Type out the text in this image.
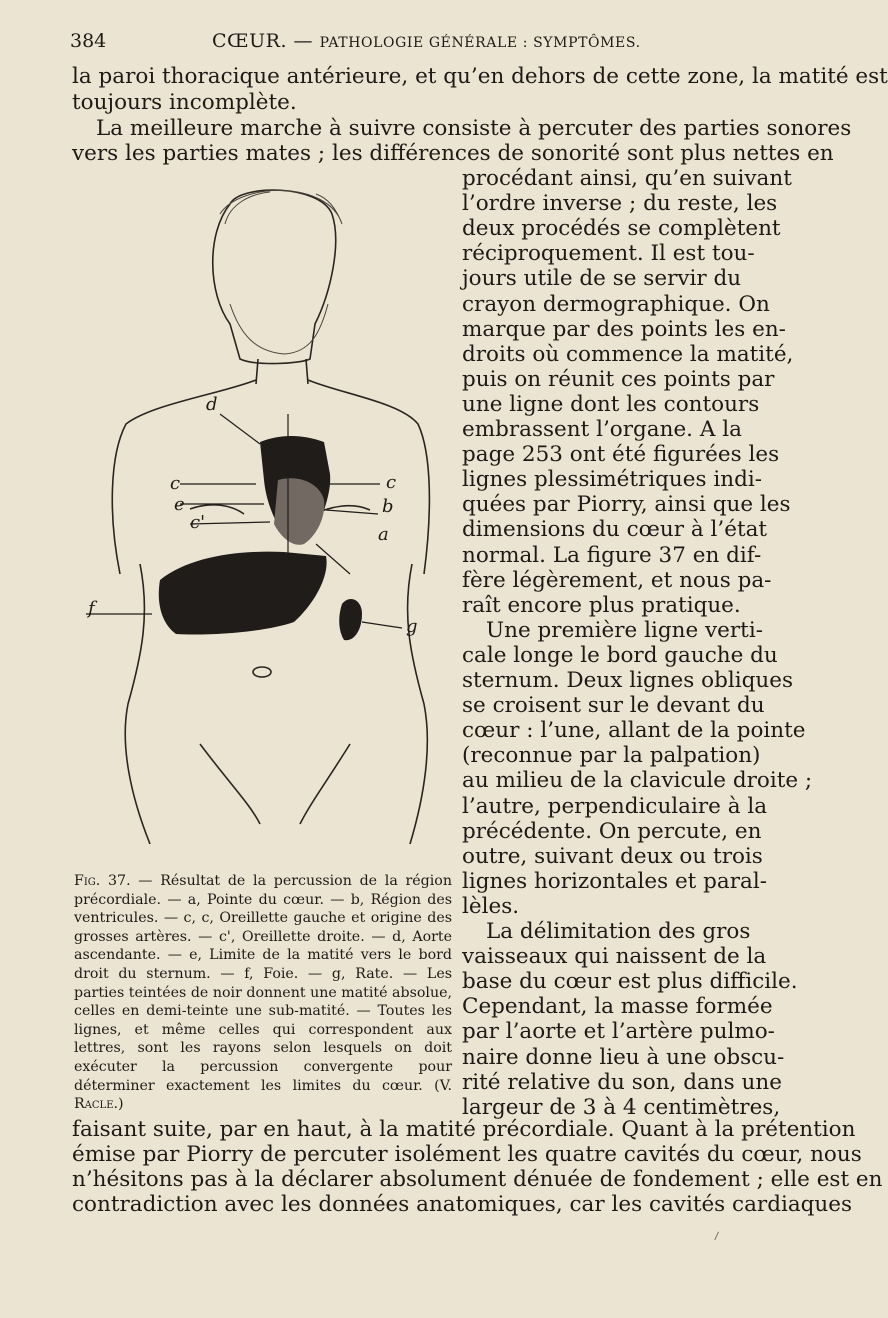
384	CŒUR. — PATHOLOGIE GÉNÉRALE : SYMPTÔMES.
la paroi thoracique antérieure, et qu’en dehors de cette zone, la matité est
toujours incomplète.
La meilleure marche à suivre consiste à percuter des parties sonores
vers les parties mates ; les différences de sonorité sont plus nettes en
procédant ainsi, qu’en suivant
l’ordre inverse ; du reste, les
deux procédés se complètent
réciproquement. Il est tou-
jours utile de se servir du
crayon dermographique. On
marque par des points les en-
droits où commence la matité,
puis on réunit ces points par
une ligne dont les contours
embrassent l’organe. A la
page 253 ont été figurées les
lignes plessimétriques indi-
quées par Piorry, ainsi que les
dimensions du cœur à l’état
normal. La figure 37 en dif-
fère légèrement, et nous pa-
raît encore plus pratique.
Une première ligne verti-
cale longe le bord gauche du
sternum. Deux lignes obliques
se croisent sur le devant du
cœur : l’une, allant de la pointe
(reconnue par la palpation)
au milieu de la clavicule droite ;
l’autre, perpendiculaire à la
précédente. On percute, en
outre, suivant deux ou trois
lignes horizontales et paral-
lèles.
La délimitation des gros
vaisseaux qui naissent de la
base du cœur est plus difficile.
Cependant, la masse formée
par l’aorte et l’artère pulmo-
naire donne lieu à une obscu-
rité relative du son, dans une
largeur de 3 à 4 centimètres,
d
c
e
c'
c
b
a
f
g
Fig. 37. — Résultat de la percussion de la région précordiale. — a, Pointe du cœur. — b, Région des ventricules. — c, c, Oreillette gauche et origine des grosses artères. — c', Oreillette droite. — d, Aorte ascendante. — e, Limite de la matité vers le bord droit du sternum. — f, Foie. — g, Rate. — Les parties teintées de noir donnent une matité absolue, celles en demi-teinte une sub-matité. — Toutes les lignes, et même celles qui correspondent aux lettres, sont les rayons selon lesquels on doit exécuter la percussion convergente pour déterminer exactement les limites du cœur. (V. Racle.)
faisant suite, par en haut, à la matité précordiale. Quant à la prétention
émise par Piorry de percuter isolément les quatre cavités du cœur, nous
n’hésitons pas à la déclarer absolument dénuée de fondement ; elle est en
contradiction avec les données anatomiques, car les cavités cardiaques
